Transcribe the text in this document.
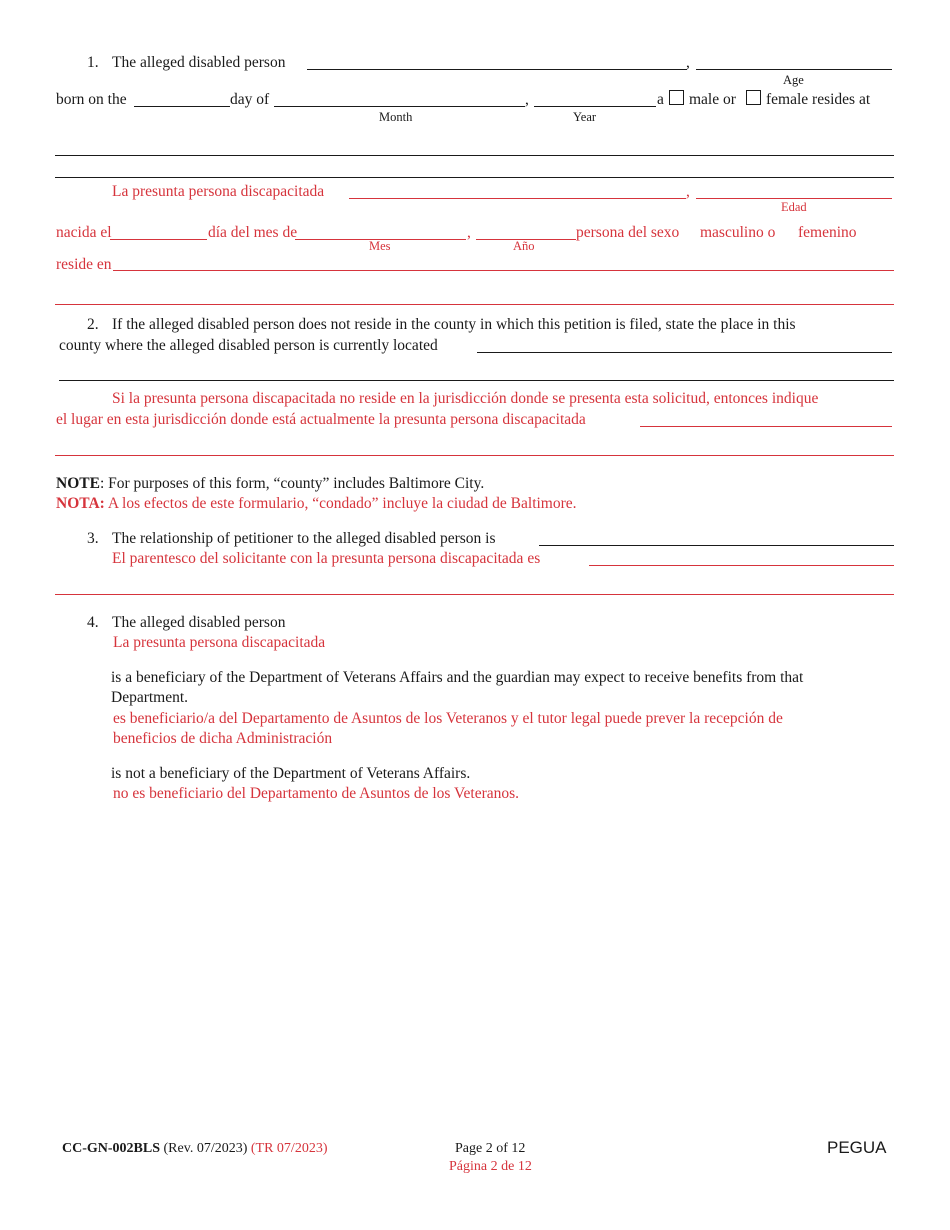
1. The alleged disabled person	,
Age
born on the	day of	,	a male or female resides at
Month	Year
La presunta persona discapacitada	,
Edad
nacida el	día del mes de	,	persona del sexo masculino o femenino
Mes	Año
reside en
2. If the alleged disabled person does not reside in the county in which this petition is filed, state the place in this
county where the alleged disabled person is currently located
Si la presunta persona discapacitada no reside en la jurisdicción donde se presenta esta solicitud, entonces indique
el lugar en esta jurisdicción donde está actualmente la presunta persona discapacitada
NOTE: For purposes of this form, “county” includes Baltimore City.
NOTA: A los efectos de este formulario, “condado” incluye la ciudad de Baltimore.
3. The relationship of petitioner to the alleged disabled person is
El parentesco del solicitante con la presunta persona discapacitada es
4. The alleged disabled person
La presunta persona discapacitada
is a beneficiary of the Department of Veterans Affairs and the guardian may expect to receive benefits from that
Department.
es beneficiario/a del Departamento de Asuntos de los Veteranos y el tutor legal puede prever la recepción de
beneficios de dicha Administración
is not a beneficiary of the Department of Veterans Affairs.
no es beneficiario del Departamento de Asuntos de los Veteranos.
CC-GN-002BLS (Rev. 07/2023) (TR 07/2023)	Page 2 of 12
Página 2 de 12
PEGUA
